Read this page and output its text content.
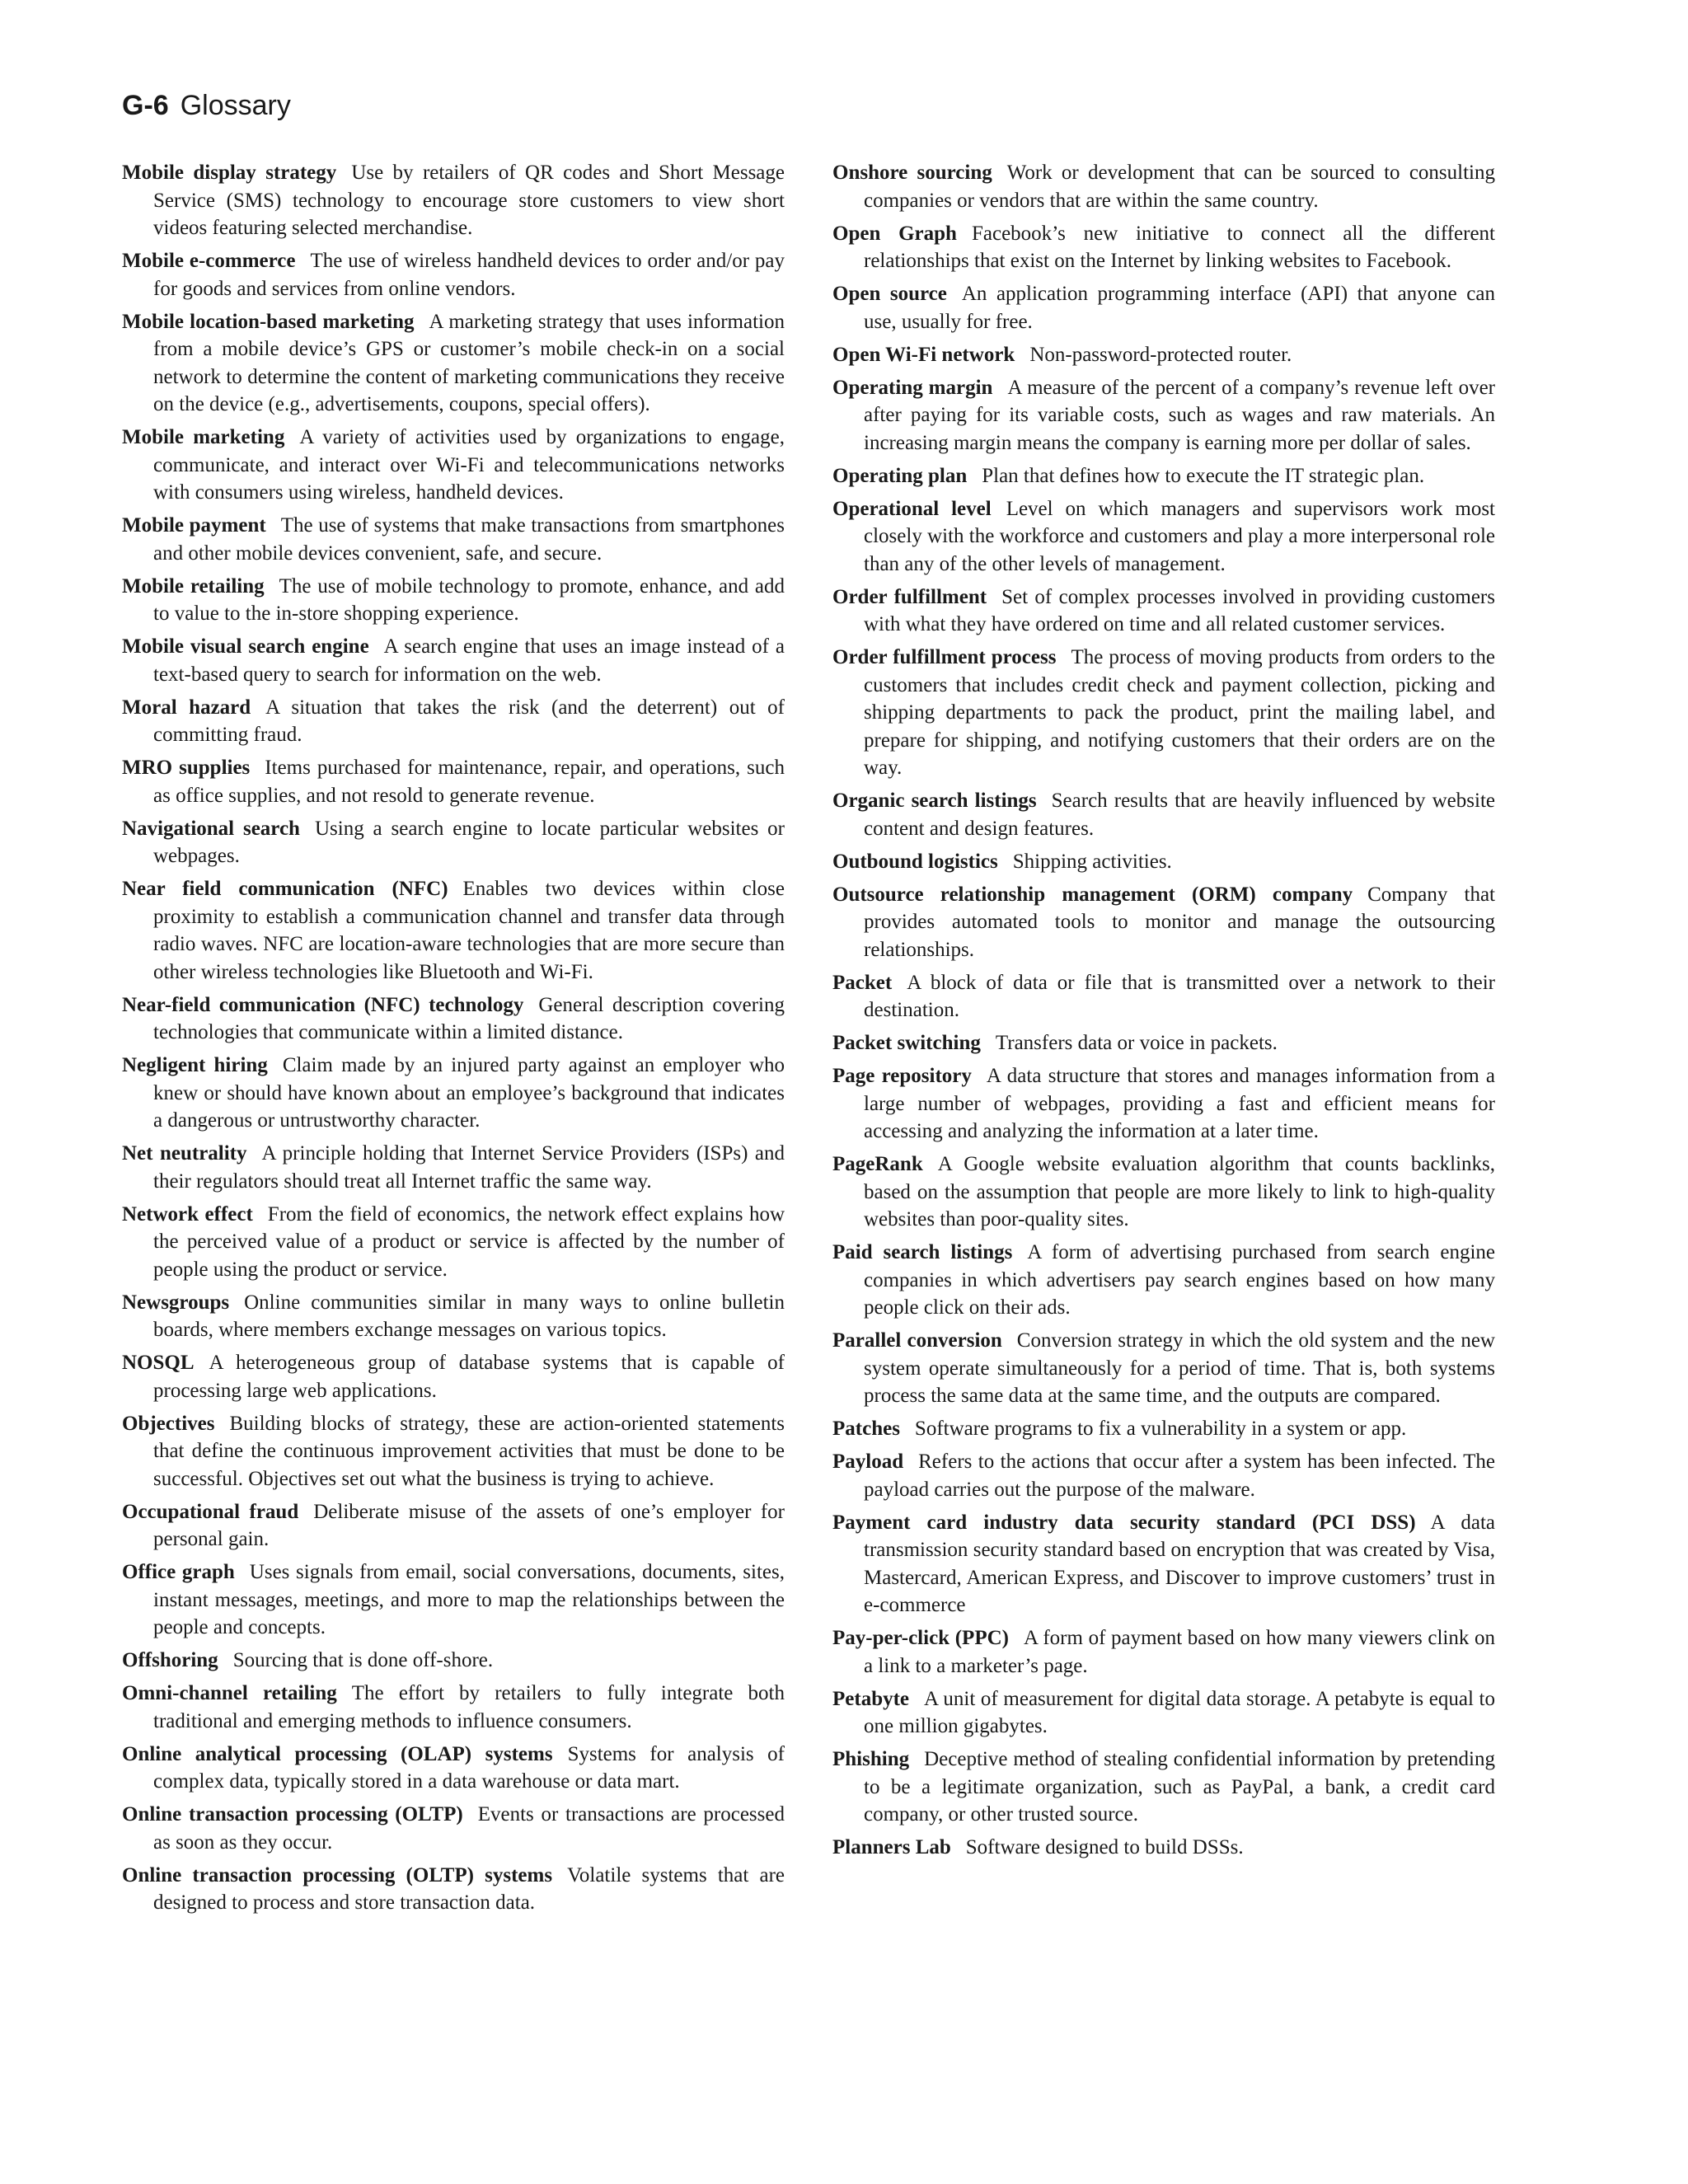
G-6 Glossary

Mobile display strategy Use by retailers of QR codes and Short Message Service (SMS) technology to encourage store customers to view short videos featuring selected merchandise.

Mobile e-commerce The use of wireless handheld devices to order and/or pay for goods and services from online vendors.

Mobile location-based marketing A marketing strategy that uses information from a mobile device’s GPS or customer’s mobile check-in on a social network to determine the content of marketing communications they receive on the device (e.g., advertisements, coupons, special offers).

Mobile marketing A variety of activities used by organizations to engage, communicate, and interact over Wi-Fi and telecommunications networks with consumers using wireless, handheld devices.

Mobile payment The use of systems that make transactions from smartphones and other mobile devices convenient, safe, and secure.

Mobile retailing The use of mobile technology to promote, enhance, and add to value to the in-store shopping experience.

Mobile visual search engine A search engine that uses an image instead of a text-based query to search for information on the web.

Moral hazard A situation that takes the risk (and the deterrent) out of committing fraud.

MRO supplies Items purchased for maintenance, repair, and operations, such as office supplies, and not resold to generate revenue.

Navigational search Using a search engine to locate particular websites or webpages.

Near field communication (NFC) Enables two devices within close proximity to establish a communication channel and transfer data through radio waves. NFC are location-aware technologies that are more secure than other wireless technologies like Bluetooth and Wi-Fi.

Near-field communication (NFC) technology General description covering technologies that communicate within a limited distance.

Negligent hiring Claim made by an injured party against an employer who knew or should have known about an employee’s background that indicates a dangerous or untrustworthy character.

Net neutrality A principle holding that Internet Service Providers (ISPs) and their regulators should treat all Internet traffic the same way.

Network effect From the field of economics, the network effect explains how the perceived value of a product or service is affected by the number of people using the product or service.

Newsgroups Online communities similar in many ways to online bulletin boards, where members exchange messages on various topics.

NOSQL A heterogeneous group of database systems that is capable of processing large web applications.

Objectives Building blocks of strategy, these are action-oriented statements that define the continuous improvement activities that must be done to be successful. Objectives set out what the business is trying to achieve.

Occupational fraud Deliberate misuse of the assets of one’s employer for personal gain.

Office graph Uses signals from email, social conversations, documents, sites, instant messages, meetings, and more to map the relationships between the people and concepts.

Offshoring Sourcing that is done off-shore.

Omni-channel retailing The effort by retailers to fully integrate both traditional and emerging methods to influence consumers.

Online analytical processing (OLAP) systems Systems for analysis of complex data, typically stored in a data warehouse or data mart.

Online transaction processing (OLTP) Events or transactions are processed as soon as they occur.

Online transaction processing (OLTP) systems Volatile systems that are designed to process and store transaction data.

Onshore sourcing Work or development that can be sourced to consulting companies or vendors that are within the same country.

Open Graph Facebook’s new initiative to connect all the different relationships that exist on the Internet by linking websites to Facebook.

Open source An application programming interface (API) that anyone can use, usually for free.

Open Wi-Fi network Non-password-protected router.

Operating margin A measure of the percent of a company’s revenue left over after paying for its variable costs, such as wages and raw materials. An increasing margin means the company is earning more per dollar of sales.

Operating plan Plan that defines how to execute the IT strategic plan.

Operational level Level on which managers and supervisors work most closely with the workforce and customers and play a more interpersonal role than any of the other levels of management.

Order fulfillment Set of complex processes involved in providing customers with what they have ordered on time and all related customer services.

Order fulfillment process The process of moving products from orders to the customers that includes credit check and payment collection, picking and shipping departments to pack the product, print the mailing label, and prepare for shipping, and notifying customers that their orders are on the way.

Organic search listings Search results that are heavily influenced by website content and design features.

Outbound logistics Shipping activities.

Outsource relationship management (ORM) company Company that provides automated tools to monitor and manage the outsourcing relationships.

Packet A block of data or file that is transmitted over a network to their destination.

Packet switching Transfers data or voice in packets.

Page repository A data structure that stores and manages information from a large number of webpages, providing a fast and efficient means for accessing and analyzing the information at a later time.

PageRank A Google website evaluation algorithm that counts backlinks, based on the assumption that people are more likely to link to high-quality websites than poor-quality sites.

Paid search listings A form of advertising purchased from search engine companies in which advertisers pay search engines based on how many people click on their ads.

Parallel conversion Conversion strategy in which the old system and the new system operate simultaneously for a period of time. That is, both systems process the same data at the same time, and the outputs are compared.

Patches Software programs to fix a vulnerability in a system or app.

Payload Refers to the actions that occur after a system has been infected. The payload carries out the purpose of the malware.

Payment card industry data security standard (PCI DSS) A data transmission security standard based on encryption that was created by Visa, Mastercard, American Express, and Discover to improve customers’ trust in e-commerce

Pay-per-click (PPC) A form of payment based on how many viewers clink on a link to a marketer’s page.

Petabyte A unit of measurement for digital data storage. A petabyte is equal to one million gigabytes.

Phishing Deceptive method of stealing confidential information by pretending to be a legitimate organization, such as PayPal, a bank, a credit card company, or other trusted source.

Planners Lab Software designed to build DSSs.
